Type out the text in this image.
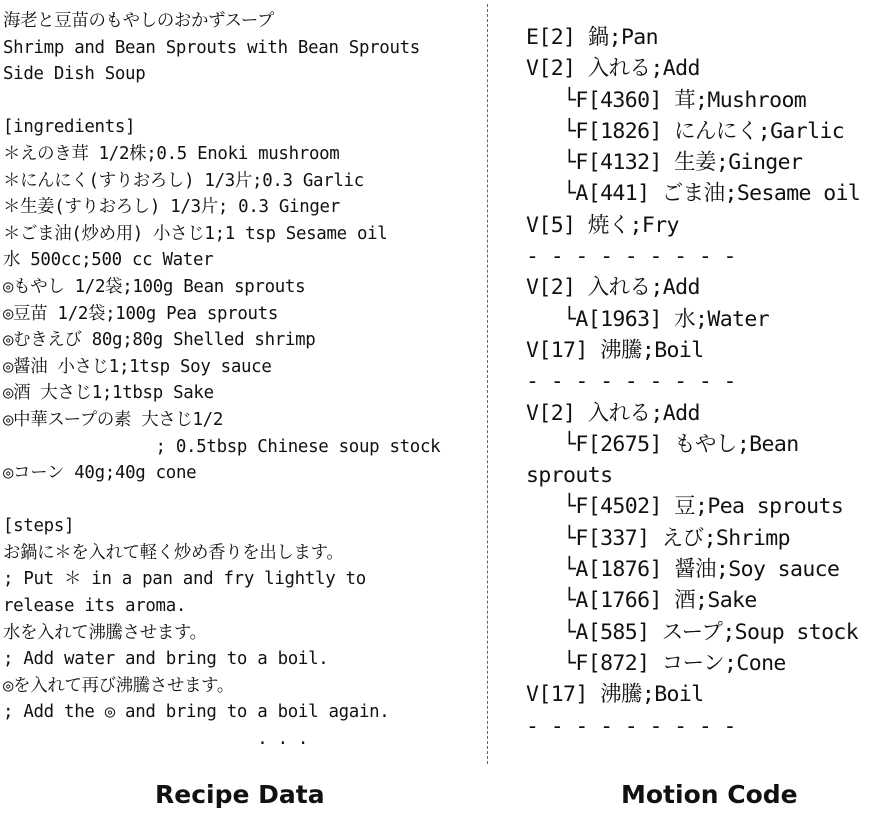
海老と豆苗のもやしのおかずスープ
Shrimp and Bean Sprouts with Bean Sprouts
Side Dish Soup
[ingredients]
＊えのき茸 1/2株;0.5 Enoki mushroom
＊にんにく(すりおろし) 1/3片;0.3 Garlic
＊生姜(すりおろし) 1/3片; 0.3 Ginger
＊ごま油(炒め用) 小さじ1;1 tsp Sesame oil
水 500cc;500 cc Water
◎もやし 1/2袋;100g Bean sprouts
◎豆苗 1/2袋;100g Pea sprouts
◎むきえび 80g;80g Shelled shrimp
◎醤油 小さじ1;1tsp Soy sauce
◎酒 大さじ1;1tbsp Sake
◎中華スープの素 大さじ1/2
; 0.5tbsp Chinese soup stock
◎コーン 40g;40g cone
[steps]
お鍋に＊を入れて軽く炒め香りを出します。
; Put ＊ in a pan and fry lightly to
release its aroma.
水を入れて沸騰させます。
; Add water and bring to a boil.
◎を入れて再び沸騰させます。
; Add the ◎ and bring to a boil again.
. . .
E[2] 鍋;Pan
V[2] 入れる;Add
└F[4360] 茸;Mushroom
└F[1826] にんにく;Garlic
└F[4132] 生姜;Ginger
└A[441] ごま油;Sesame oil
V[5] 焼く;Fry
- - - - - - - - -
V[2] 入れる;Add
└A[1963] 水;Water
V[17] 沸騰;Boil
- - - - - - - - -
V[2] 入れる;Add
└F[2675] もやし;Bean
sprouts
└F[4502] 豆;Pea sprouts
└F[337] えび;Shrimp
└A[1876] 醤油;Soy sauce
└A[1766] 酒;Sake
└A[585] スープ;Soup stock
└F[872] コーン;Cone
V[17] 沸騰;Boil
- - - - - - - - -
Recipe Data	Motion Code
